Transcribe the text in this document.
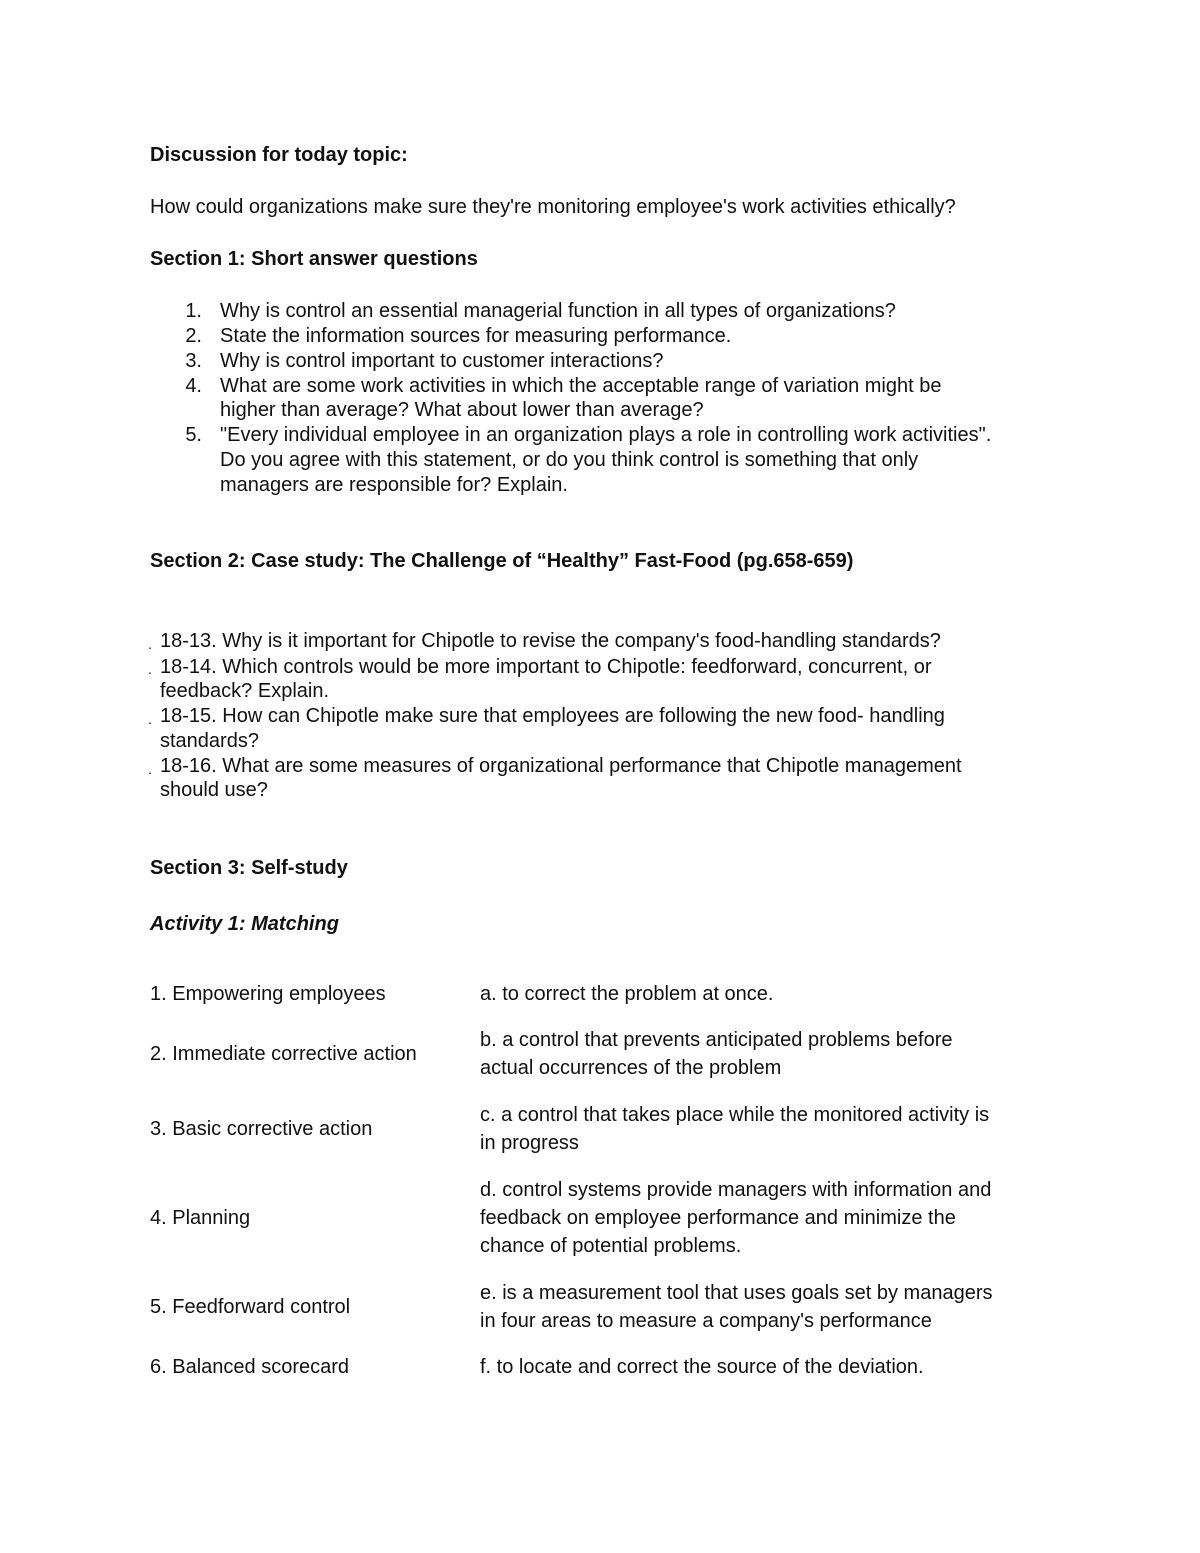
Discussion for today topic:
How could organizations make sure they're monitoring employee's work activities ethically?
Section 1: Short answer questions
1. Why is control an essential managerial function in all types of organizations?
2. State the information sources for measuring performance.
3. Why is control important to customer interactions?
4. What are some work activities in which the acceptable range of variation might be
higher than average? What about lower than average?
5. "Every individual employee in an organization plays a role in controlling work activities".
Do you agree with this statement, or do you think control is something that only
managers are responsible for? Explain.
Section 2: Case study: The Challenge of “Healthy” Fast-Food (pg.658-659)
. 18-13. Why is it important for Chipotle to revise the company's food-handling standards?
. 18-14. Which controls would be more important to Chipotle: feedforward, concurrent, or
feedback? Explain.
. 18-15. How can Chipotle make sure that employees are following the new food- handling
standards?
. 18-16. What are some measures of organizational performance that Chipotle management
should use?
Section 3: Self-study
Activity 1: Matching
1. Empowering employees
2. Immediate corrective action
3. Basic corrective action
4. Planning
5. Feedforward control
6. Balanced scorecard
a. to correct the problem at once.
b. a control that prevents anticipated problems before
actual occurrences of the problem
c. a control that takes place while the monitored activity is
in progress
d. control systems provide managers with information and
feedback on employee performance and minimize the
chance of potential problems.
e. is a measurement tool that uses goals set by managers
in four areas to measure a company's performance
f. to locate and correct the source of the deviation.
